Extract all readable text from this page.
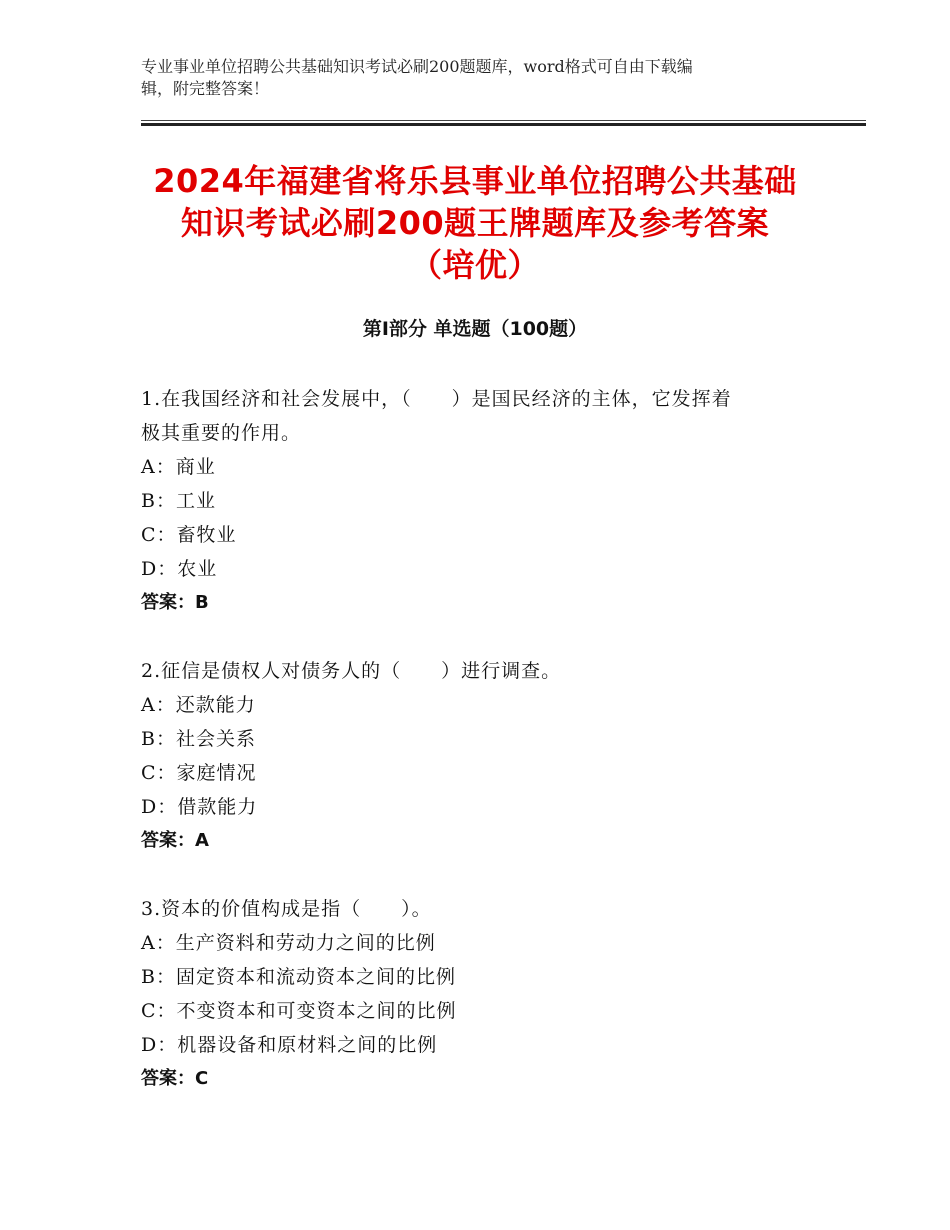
专业事业单位招聘公共基础知识考试必刷200题题库，word格式可自由下载编
辑，附完整答案！
2024年福建省将乐县事业单位招聘公共基础
知识考试必刷200题王牌题库及参考答案
（培优）
第Ⅰ部分 单选题（100题）
1.在我国经济和社会发展中，（　　）是国民经济的主体，它发挥着
极其重要的作用。
A：商业
B：工业
C：畜牧业
D：农业
答案：B
2.征信是债权人对债务人的（　　）进行调查。
A：还款能力
B：社会关系
C：家庭情况
D：借款能力
答案：A
3.资本的价值构成是指（　　）。
A：生产资料和劳动力之间的比例
B：固定资本和流动资本之间的比例
C：不变资本和可变资本之间的比例
D：机器设备和原材料之间的比例
答案：C
